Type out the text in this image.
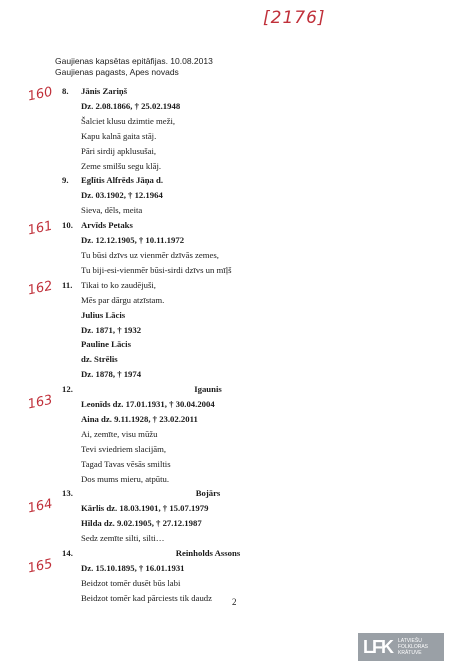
[2176]
Gaujienas kapsētas epitāfijas. 10.08.2013
Gaujienas pagasts, Apes novads
8.
160	Jānis Zariņš
Dz. 2.08.1866, † 25.02.1948
Šalciet klusu dzimtie meži,
Kapu kalnā gaita stāj.
Pāri sirdij apklusušai,
Zeme smilšu segu klāj.
9.	Eglītis Alfrēds Jāņa d.
Dz. 03.1902, † 12.1964
Sieva, dēls, meita
10.
161	Arvīds Petaks
Dz. 12.12.1905, † 10.11.1972
Tu būsi dzīvs uz vienmēr dzīvās zemes,
Tu biji-esi-vienmēr būsi-sirdi dzīvs un mīļš
11.
162	Tikai to ko zaudējuši,
Mēs par dārgu atzīstam.
Julius Lācis
Dz. 1871, † 1932
Pauline Lācis
dz. Strēlis
Dz. 1878, † 1974
12.
163
Igaunis
Leonīds dz. 17.01.1931, † 30.04.2004
Aina dz. 9.11.1928, † 23.02.2011
Ai, zemīte, visu mūžu
Tevi sviedriem slacijām,
Tagad Tavas vēsās smiltis
Dos mums mieru, atpūtu.
13.
164
Bojārs
Kārlis dz. 18.03.1901, † 15.07.1979
Hilda dz. 9.02.1905, † 27.12.1987
Sedz zemīte silti, silti…
14.
165
Reinholds Assons
Dz. 15.10.1895, † 16.01.1931
Beidzot tomēr dusēt būs labi
Beidzot tomēr kad pārciests tik daudz	2
LFK LATVIEŠU
FOLKLORAS
KRĀTUVE
